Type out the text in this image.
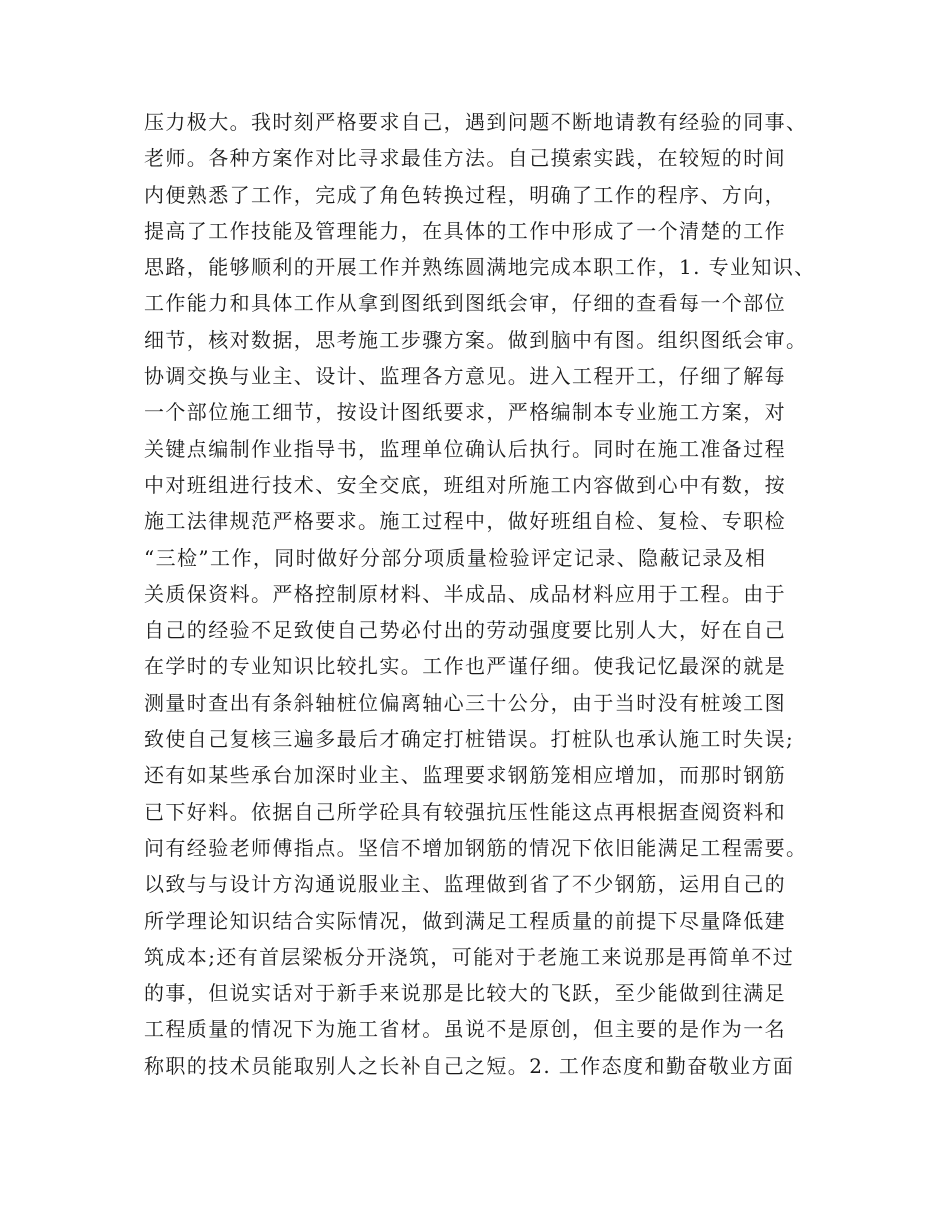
压力极大。我时刻严格要求自己，遇到问题不断地请教有经验的同事、
老师。各种方案作对比寻求最佳方法。自己摸索实践，在较短的时间
内便熟悉了工作，完成了角色转换过程，明确了工作的程序、方向，
提高了工作技能及管理能力，在具体的工作中形成了一个清楚的工作
思路，能够顺利的开展工作并熟练圆满地完成本职工作，1. 专业知识、
工作能力和具体工作从拿到图纸到图纸会审，仔细的查看每一个部位
细节，核对数据，思考施工步骤方案。做到脑中有图。组织图纸会审。
协调交换与业主、设计、监理各方意见。进入工程开工，仔细了解每
一个部位施工细节，按设计图纸要求，严格编制本专业施工方案，对
关键点编制作业指导书，监理单位确认后执行。同时在施工准备过程
中对班组进行技术、安全交底，班组对所施工内容做到心中有数，按
施工法律规范严格要求。施工过程中，做好班组自检、复检、专职检
“三检”工作，同时做好分部分项质量检验评定记录、隐蔽记录及相
关质保资料。严格控制原材料、半成品、成品材料应用于工程。由于
自己的经验不足致使自己势必付出的劳动强度要比别人大，好在自己
在学时的专业知识比较扎实。工作也严谨仔细。使我记忆最深的就是
测量时查出有条斜轴桩位偏离轴心三十公分，由于当时没有桩竣工图
致使自己复核三遍多最后才确定打桩错误。打桩队也承认施工时失误;
还有如某些承台加深时业主、监理要求钢筋笼相应增加，而那时钢筋
已下好料。依据自己所学砼具有较强抗压性能这点再根据查阅资料和
问有经验老师傅指点。坚信不增加钢筋的情况下依旧能满足工程需要。
以致与与设计方沟通说服业主、监理做到省了不少钢筋，运用自己的
所学理论知识结合实际情况，做到满足工程质量的前提下尽量降低建
筑成本;还有首层梁板分开浇筑，可能对于老施工来说那是再简单不过
的事，但说实话对于新手来说那是比较大的飞跃，至少能做到往满足
工程质量的情况下为施工省材。虽说不是原创，但主要的是作为一名
称职的技术员能取别人之长补自己之短。2. 工作态度和勤奋敬业方面
